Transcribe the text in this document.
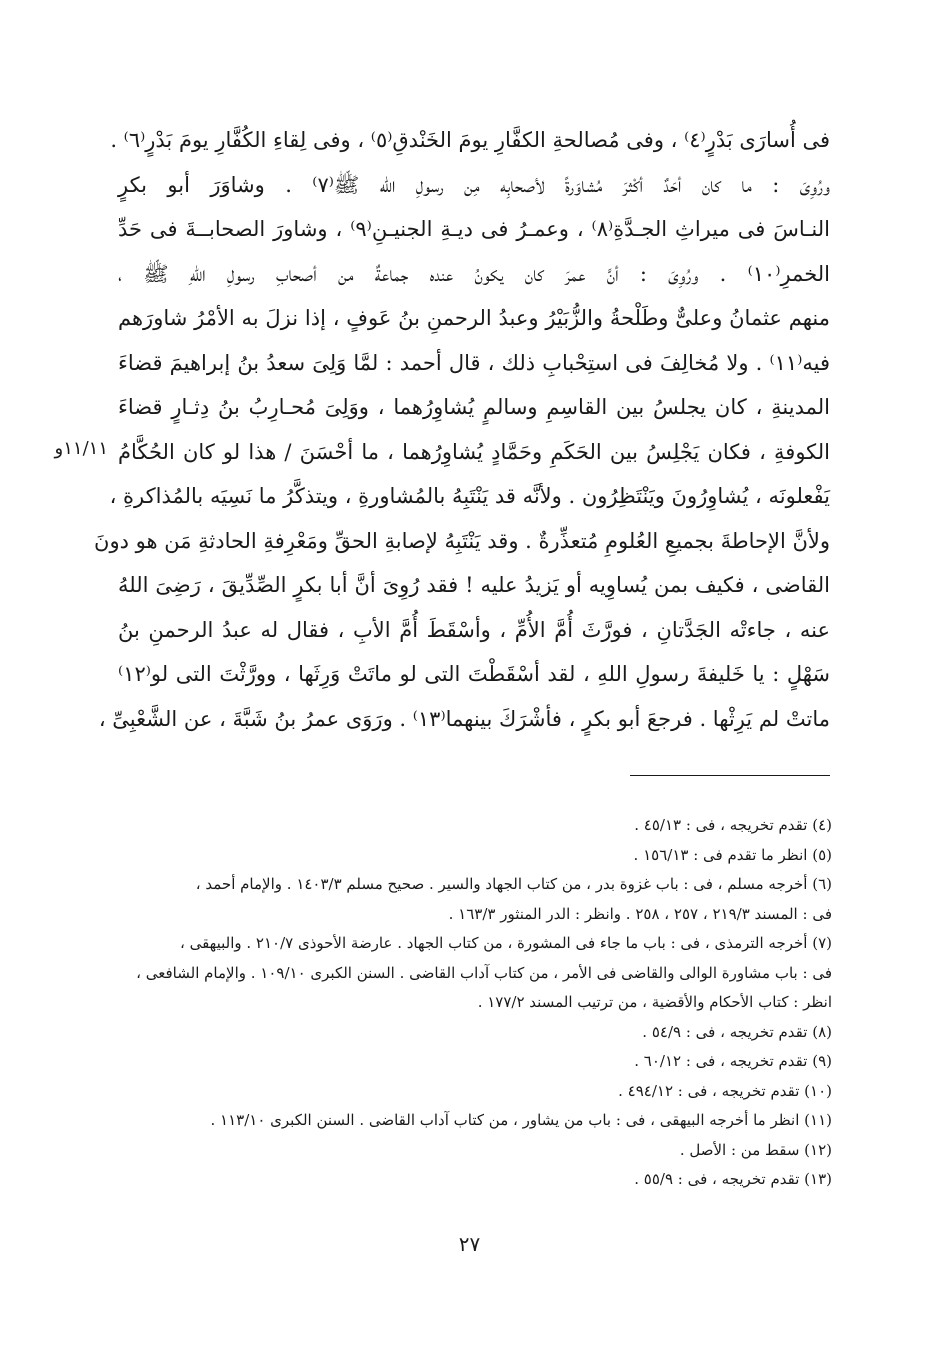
فى أُسارَى بَدْرٍ⁽٤⁾ ، وفى مُصالحةِ الكفَّارِ يومَ الخَنْدقِ⁽٥⁾ ، وفى لِقاءِ الكُفَّارِ يومَ بَدْرٍ⁽٦⁾ .
ورُوِىَ : ما كان أحَدٌ أكْثرَ مُشاوَرةً لأصحابِه مِن رسولِ الله ﷺ⁽٧⁾ . وشاوَرَ أبو بكرٍ
النـاسَ فى ميراثِ الجـدَّةِ⁽٨⁾ ، وعمـرُ فى ديـةِ الجنيـنِ⁽٩⁾ ، وشاورَ الصحابــةَ فى حَدِّ
الخمرِ⁽١٠⁾ . ورُوِىَ : أنَّ عمرَ كان يكونُ عنده جماعةٌ من أصحابِ رسولِ اللهِ ﷺ ،
منهم عثمانُ وعلىٌّ وطَلْحةُ والزُّبَيْرُ وعبدُ الرحمنِ بنُ عَوفٍ ، إذا نزلَ به الأمْرُ شاورَهم
فيه⁽١١⁾ . ولا مُخالِفَ فى استِحْبابِ ذلك ، قال أحمد : لمَّا وَلِىَ سعدُ بنُ إبراهيمَ قضاءَ
المدينةِ ، كان يجلسُ بين القاسِمِ وسالمٍ يُشاوِرُهما ، ووَلِىَ مُحـارِبُ بنُ دِثـارٍ قضاءَ
الكوفةِ ، فكان يَجْلِسُ بين الحَكَمِ وحَمَّادٍ يُشاوِرُهما ، ما أحْسَنَ / هذا لو كان الحُكَّامُ
يَفْعلونَه ، يُشاوِرُونَ ويَنْتَظِرُون . ولأنَّه قد يَنْتَبِهُ بالمُشاورةِ ، ويتذكَّرُ ما نَسِيَه بالمُذاكرةِ ،
ولأنَّ الإحاطةَ بجميعِ العُلومِ مُتعذِّرةٌ . وقد يَنْتَبِهُ لإصابةِ الحقِّ ومَعْرِفةِ الحادثةِ مَن هو دونَ
القاضى ، فكيف بمن يُساوِيه أو يَزيدُ عليه ! فقد رُوِىَ أنَّ أبا بكرٍ الصِّدِّيقَ ، رَضِىَ اللهُ
عنه ، جاءتْه الجَدَّتانِ ، فورَّثَ أُمَّ الأُمِّ ، وأسْقَطَ أُمَّ الأبِ ، فقال له عبدُ الرحمنِ بنُ
سَهْلٍ : يا خَليفةَ رسولِ اللهِ ، لقد أسْقَطْتَ التى لو ماتَتْ وَرِثَها ، وورَّثْتَ التى لو⁽١٢⁾
ماتتْ لم يَرِثْها . فرجعَ أبو بكرٍ ، فأشْرَكَ بينهما⁽١٣⁾ . ورَوَى عمرُ بنُ شَبَّةَ ، عن الشَّعْبِىِّ ،
١١/١١و
(٤) تقدم تخريجه ، فى : ٤٥/١٣ .
(٥) انظر ما تقدم فى : ١٥٦/١٣ .
(٦) أخرجه مسلم ، فى : باب غزوة بدر ، من كتاب الجهاد والسير . صحيح مسلم ١٤٠٣/٣ . والإمام أحمد ،
فى : المسند ٢١٩/٣ ، ٢٥٧ ، ٢٥٨ . وانظر : الدر المنثور ١٦٣/٣ .
(٧) أخرجه الترمذى ، فى : باب ما جاء فى المشورة ، من كتاب الجهاد . عارضة الأحوذى ٢١٠/٧ . والبيهقى ،
فى : باب مشاورة الوالى والقاضى فى الأمر ، من كتاب آداب القاضى . السنن الكبرى ١٠٩/١٠ . والإمام الشافعى ،
انظر : كتاب الأحكام والأقضية ، من ترتيب المسند ١٧٧/٢ .
(٨) تقدم تخريجه ، فى : ٥٤/٩ .
(٩) تقدم تخريجه ، فى : ٦٠/١٢ .
(١٠) تقدم تخريجه ، فى : ٤٩٤/١٢ .
(١١) انظر ما أخرجه البيهقى ، فى : باب من يشاور ، من كتاب آداب القاضى . السنن الكبرى ١١٣/١٠ .
(١٢) سقط من : الأصل .
(١٣) تقدم تخريجه ، فى : ٥٥/٩ .
٢٧
